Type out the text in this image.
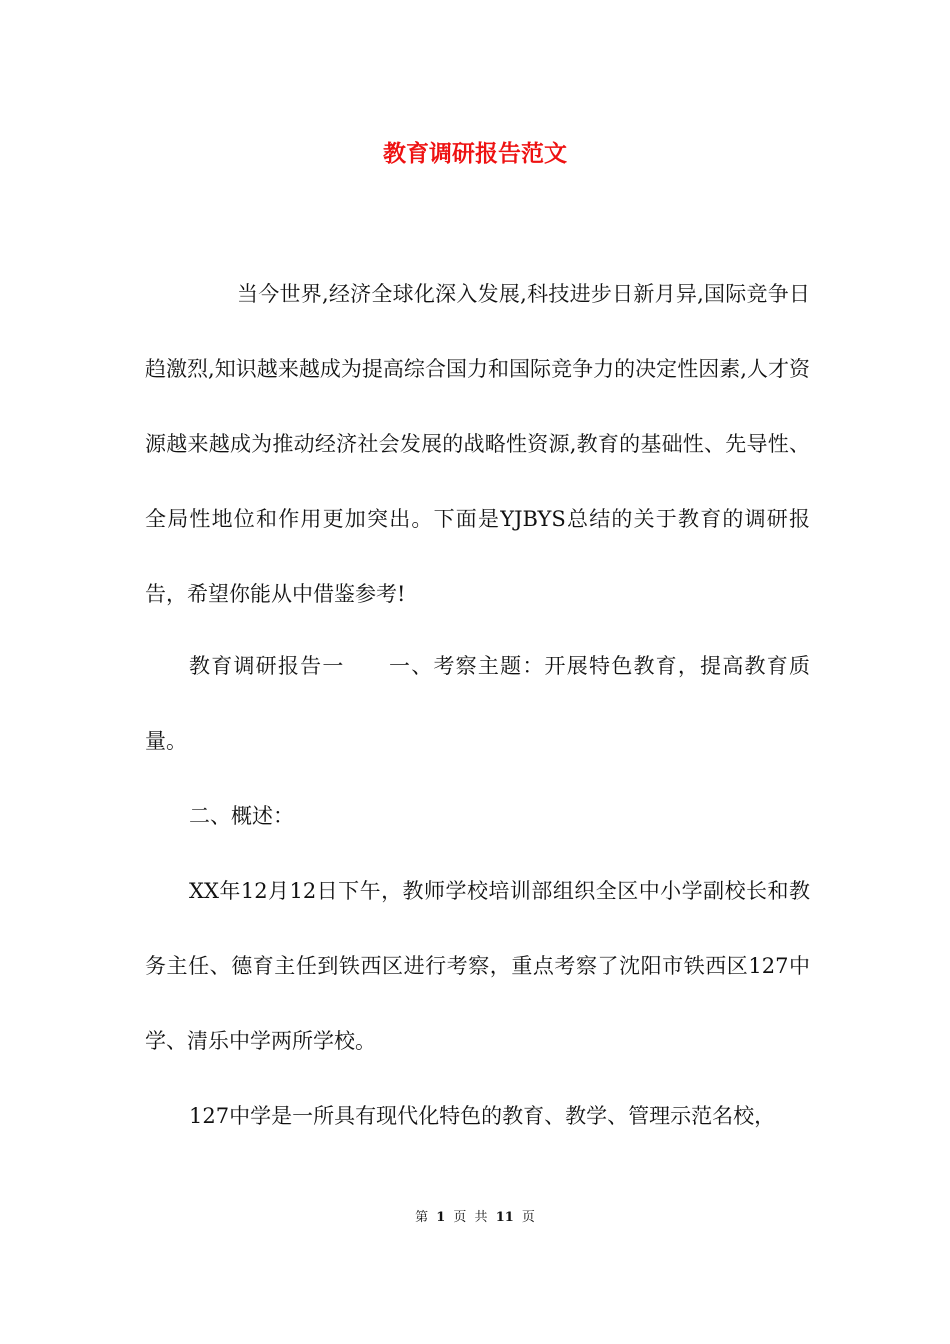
教育调研报告范文

当今世界,经济全球化深入发展,科技进步日新月异,国际竞争日趋激烈,知识越来越成为提高综合国力和国际竞争力的决定性因素,人才资源越来越成为推动经济社会发展的战略性资源,教育的基础性、先导性、全局性地位和作用更加突出。下面是YJBYS总结的关于教育的调研报告，希望你能从中借鉴参考!

教育调研报告一　　一、考察主题：开展特色教育，提高教育质量。

二、概述：

XX年12月12日下午，教师学校培训部组织全区中小学副校长和教务主任、德育主任到铁西区进行考察，重点考察了沈阳市铁西区127中学、清乐中学两所学校。

127中学是一所具有现代化特色的教育、教学、管理示范名校，

第 1 页 共 11 页
